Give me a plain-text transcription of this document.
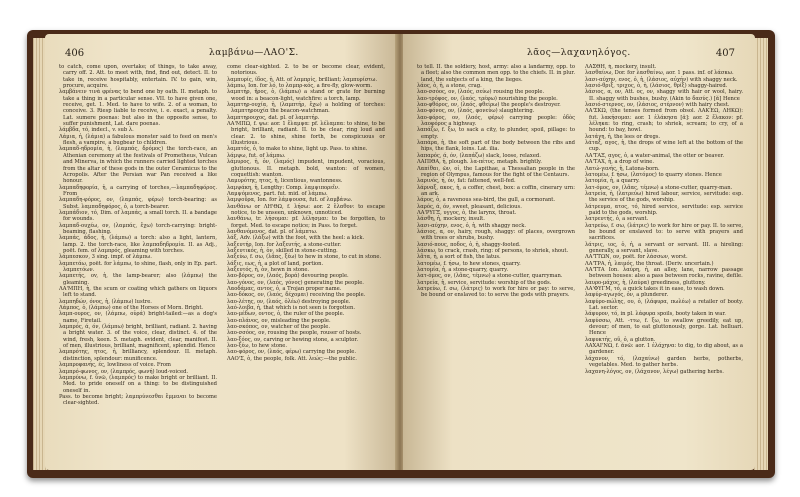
406	λαμβάνω—ΛΑΟ'Σ.

to catch, come upon, overtake; of things, to take away, carry off. 2. Att. to meet with, find, find out, detect. II. to take in, receive hospitably, entertain. IV. to gain, win, procure, acquire.

λαμβάνειν τινὰ φρένας to bend one by oath. II. metaph. to take a thing in a particular sense. VII. to have given one, receive, get. 1. Med. to have to wife. 2. of a woman, to conceive. 3. Riesp liable to receive, i. e. exact, a penalty. Lat. sumere poenas: but also in the opposite sense, to suffer punishment, Lat. dare poenas.

λάμβδα, τό, indecl., v. sub λ.

Λάμια, ἡ, (λάμια) a fabulous monster said to feed on men's flesh, a vampire, a bugbear to children.

λαμπαδ-ηδρομία, ἡ, (λαμπάς, δρόμος) the torch-race, an Athenian ceremony at the festivals of Prometheus, Vulcan and Minerva, in which the runners carried lighted torches from the altar of these gods in the outer Ceramicus to the Acropolis. After the Persian war Pan received a like honour.

λαμπαδηφορία, ἡ, a carrying of torches,—λαμπαδηφόρος. From

λαμπαδη-φόρος, ον, (λαμπάς, φέρω) torch-bearing: as Subst. λαμπαδηφόρος, ὁ, a torch-bearer.

λαμπάδιον, τό, Dim. of λαμπάς, a small torch. II. a bandage for wounds.

λαμπαδ-ουχέω, ον, (λαμπάς, ἔχω) torch-carrying: bright-beaming, flashing.

λαμπάς, άδος, ἡ, (λάμπω) a torch: also a light, lantern, lamp. 2. the torch-race, like λαμπαδηδρομία. II. as Adj., poët. fem. of λαμπρός, gleaming with torches.

λάμπεσκον, 3 sing. impf. of λάμπω.

λαμπετάω, poët. for λάμπω, to shine, flash, only in Ep. part. λαμπετόων.

λαμπετής, ov, ἡ, the lamp-bearer; also (λάμπω) the gleaming.

ΛΑ'ΜΠΗ, ἡ, the scum or coating which gathers on liquors left to stand.

λαμπηδών, όνος, ἡ, (λάμπω) lustre.

Λάμπος, ὁ, (λάμπω) one of the Horses of Morn. Bright.

λαμπ-ουρος, ον, (λάμπω, οὐρά) bright-tailed:—as a dog's name, Firetail.

λαμπρός, ά, όν, (λάμπω) bright, brilliant, radiant. 2. having a bright water. 3. of the voice, clear, distinct. 4. of the wind, fresh, keen. 5. metaph. evident, clear, manifest. II. of men, illustrious, brilliant, magnificent, splendid. Hence

λαμπρότης, ητος, ἡ, brilliancy, splendour. II. metaph. distinction, splendour: munificence.

λαμπροφανής, ές, lowliness of voice. From

λαμπρό-φωνος, ον, (λαμπρός, φωνή) loud-voiced.

λαμπρύνω, f. ὕνῶ, (λαμπρός) to make bright or brilliant. II. Med. to pride oneself on a thing: to be distinguished oneself in.

Pass. to become bright; λαμπρύνεσθαι ἔμμεναι to become clear-sighted.

come clear-sighted. 2. to be or become clear, evident, notorious.

λαμπυρίς, ίδος, ἡ, Att. of λαμπρίς, brilliant; λαμπυρίστω.

λάμπω, Ion. for λό, to λαμπρ-κός, a fire-fly, glow-worm.

λαμπτήρ, ῆρος, ὁ, (λάμπω) a stand or grate for burning wood in: a beacon-light, watchfire: a torch, lamp.

λαμπτηρ-ουχία, ἡ, (λαμπτήρ, ἔχω) a holding of torches: λαμπτηρουχία the beacon-watchman.

λαμπτηρουχος, dat. pl. of λαμπτήρ.

ΛΑ'ΜΠΩ, f. ψω: aor. 1 ἔλαμψα: pf. λέλαμπα: to shine, to be bright, brilliant, radiant. II. to be clear, ring loud and clear. 2. to shine, shine forth, be conspicuous or illustrious.

λαμπτός, ὁ, to make to shine, light up. Pass. to shine.

λάμψω, fut. of λάμπω.

λάμυρος, ἡ, ὁν, (λαμός) impudent, impudent, voracious, gluttonous. II. metaph. bold, wanton: of women, coquettish: wanton.

Λαμυρότης, ητος, ἡ, licentious, wantonness.

λαμψάκη, ἡ, Lengthy: Comp. λαμψιπορεῖν.

Λαμψόμενος, part. fut. mid. of λάμπω.

λαμψοῦρα, Ion. for λάμψουσα, fut. of λαμβάνω.

λανθάνω or ΛΗ'ΘΩ, f. λήσω: aor. 2 ἔλαθον: to escape notice, to be unseen, unknown, unnoticed.

λανθάνω, tr. λήσομαι: pf. λέλησμαι: to be forgotten, to forget. Med. to escape notice; in Pass. to forget.

λανθανόμενος, dat. pl. of λάμπτω.

λάξ, Adv. (λάξω) with the foot, with the heel: a kick.

λαξευτήρ, Ion. for λαξευτής, a stone-cutter.

λαξευτικός, ἡ, ὁν, skilled in stone-cutting.

λαξεύω, f. σω, (λᾶας, ξέω) to hew in stone, to cut in stone.

λάξις, εως, ἡ, a plot of land, portion.

λαξευτός, ἡ, ὁν, hewn in stone.

λαο-βόρος, ον, (λαός, βορά) devouring people.

λαο-γόνος, ον, (λαός, γόνος) generating the people.

Λαοδάμας, αντος, ὁ, a Trojan proper name.

λαο-δόκος, ον, (λαός, δέχομαι) receiving the people.

λαο-λέτης, ον, (λαός, ὀλέω) destroying people.

λαό-λοιβα, ἡ, that which is not seen is forgotten.

λαο-μέδων, οντος, ὁ, the ruler of the people.

λαο-πλάνος, ον, misleading the people.

λαο-σκόπος, ον, watcher of the people.

λαο-σσόος, ον, rousing the people, rouser of hosts.

λαο-ξόος, ον, carving or hewing stone, a sculptor.

λαο-ξέω, to hew stone.

λαο-φόρος, ον, (λαός, φέρω) carrying the people.

ΛΑΟ'Σ, ὁ, the people, folk. Att. λεώς:—the public.

λᾶος—λαχανηλόγος.	407

to tell. II. the soldiery, host, army: also a landarmy, opp. to a fleet; also the common men opp. to the chiefs. II. in plur. land, the subjects of a king, the lieges.

λάος, ὁ, ἡ, a stone, crag.

λαο-σσόος, ον, (λαός, σεύω) rousing the people.

λαο-τρόφος, ον, (λαός, τρέφω) nourishing the people.

λαο-φθόρος, ον, (λαός, φθείρω) the people's destroyer.

λαο-φόνος, ον, (λαός, φονεύω) slaughtering.

λαο-φόρος, ον, (λαός, φέρω) carrying people: ὁδὸς λαοφόρος a highway.

λαπάζω, f. ξω, to sack a city, to plunder, spoil, pillage: to empty.

λαπάρα, ἡ, the soft part of the body between the ribs and hips, the flank, loins. Lat. ilia.

λαπαρός, ά, όν, (λαπάζω) slack, loose, relaxed.

ΛΑΠΙΘΑ, ἡ, plough. λα-πέτυς. metaph. brightly.

Λαπίθαι, ῶν, οἱ, the Lapithae, a Thessalian people in the region of Olympus, famous for the fight of the Centaurs.

λαρινός, ή, όν, fat: fattened, well-fed.

λάρναξ, ακος, ἡ, a coffer, chest, box: a coffin, cinerary urn: an ark.

λάρος, ὁ, a ravenous sea-bird, the gull, a cormorant.

λαρός, ά, όν, sweet, pleasant, delicious.

ΛΑ'ΡΥΓΞ, υγγος, ὁ, the larynx, throat.

λάσθη, ἡ, mockery, insult.

λασι-αύχην, ενος, ὁ, ἡ, with shaggy neck.

λάσιος, α, ον, hairy, rough, shaggy: of places, overgrown with trees or shrubs, bushy.

λασιό-πους, ποδος, ὁ, ἡ, shaggy-footed.

λάσκω, to crack, crash, ring: of persons, to shriek, shout.

λᾶτα, ἡ, a sort of fish, the latus.

λατομέω, f. ήσω, to hew stones, quarry.

λατομία, ἡ, a stone-quarry, quarry.

λατ-όμος, ον, (λᾶας, τέμνω) a stone-cutter, quarryman.

λατρεία, ἡ, service, servitude: worship of the gods.

λατρεύω, f. σω, (λάτρις) to work for hire or pay: to serve, be bound or enslaved to: to serve the gods with prayers.

ΛΑΣΘΗ, ἡ, mockery, insult.

λασθαίνω, Dor. for λασθαίνω, aor. 1 pass. inf. of λάσκω.

λασι-αύχην, ενος, ὁ, ἡ, (λάσιος, αὐχήν) with shaggy neck.

λασιό-θριξ, τριχος, ὁ, ἡ, (λάσιος, θρίξ) shaggy-haired.

λάσιος, α, ον, Att. ος, ον, shaggy with hair or wool, hairy. II. shaggy with bushes, bushy. (Akin to δασύς.) [ᾰ] Hence

λασιό-στερνος, ον, (λάσιος, στέρνον) with hairy chest.

ΛΑ'ΣΚΩ, (the tenses formed from obsol. ΛΑΚΈΩ, ΛΗΚΩ): fut. λακήσομαι: aor. 1 ἐλάκησα [ᾰ]: aor. 2 ἔλακον: pf. λέληκα: to ring, crash; to shriek, scream; to cry, of a hound: to bay, howl.

λατάγη, ἡ, the lees or dregs.

λάταξ, αγος, ἡ, the drops of wine left at the bottom of the cup.

ΛΑ'ΤΑΞ, αγος, ὁ, a water-animal, the otter or beaver.

ΛΑ'ΤΑΧ, ἡ, a drop of wine.

Λατώ-γενής, ἡ, Latona-born.

λατομέω, f. ήσω, (λατόμος) to quarry stones. Hence

λατομία, ἡ, a quarry.

λατ-όμος, ον, (λᾶας, τέμνω) a stone-cutter, quarry-man.

λατρεία, ἡ, (λατρεύω) hired labour, service, servitude: esp. the service of the gods, worship.

λάτρευμα, ατος, τό, hired service, servitude: esp. service paid to the gods, worship.

λατρευτής, ὁ, a servant.

λατρεύω, f. σω, (λάτρις) to work for hire or pay. II. to serve, be bound or enslaved to: to serve with prayers and sacrifices.

λάτρις, ιος, ὁ, ἡ, a servant or servant. III. a hireling: generally, a servant, slave.

ΛΑ'ΤΤΩΝ, ον, poët. for λάσσων, worst.

ΛΑ'ΤΡΑ, ἡ, λαιμός, the throat. (Deriv. uncertain.)

ΛΑ'ΤΤΑ Ion. λαύρη, ἡ, an alley, lane, narrow passage between houses: also a pass between rocks, ravine, defile.

λαυρο-μάχος, ἡ, (λαύρα) greediness, gluttony.

ΛΑ'ΦΥΓΜ, τό, a quick takes it in ease, to wash down.

λαφύρ-αγωγός, ὁν, a plunderer.

λαφύρο-πώλης, ου, ὁ, (λάφυρα, πωλέω) a retailer of booty. Lat. sector.

λάφυρον, τό, in pl. λάφυρα spoils, booty taken in war.

λαφύσσω, Att. -ττω, f. ξω, to swallow greedily, eat up, devour; of men, to eat gluttonously, gorge. Lat. helluari. Hence

λαφυκτής, οῦ, ὁ, a glutton.

ΛΑΧΑΙ'ΝΩ, f. ᾰνῶ: aor. 1 ἐλάχηνα: to dig, to dig about, as a gardener.

λάχανον, τό, (λαχαίνω) garden herbs, potherbs, vegetables. Med. to gather herbs.

λαχανη-λόγος, ον, (λάχανον, λέγω) gathering herbs.
